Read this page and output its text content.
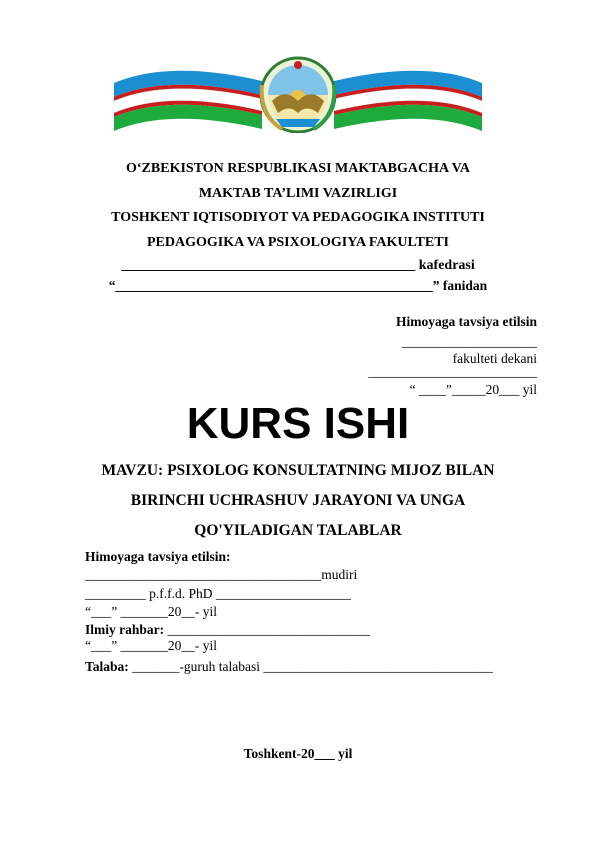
O‘ZBEKISTON RESPUBLIKASI MAKTABGACHA VA
MAKTAB TA’LIMI VAZIRLIGI
TOSHKENT IQTISODIYOT VA PEDAGOGIKA INSTITUTI
PEDAGOGIKA VA PSIXOLOGIYA FAKULTETI
__________________________________________ kafedrasi
“_______________________________________________” fanidan
Himoyaga tavsiya etilsin
____________________
fakulteti dekani
_________________________
“ ____”_____20___ yil
KURS ISHI
MAVZU: PSIXOLOG KONSULTATNING MIJOZ BILAN
BIRINCHI UCHRASHUV JARAYONI VA UNGA
QO'YILADIGAN TALABLAR
Himoyaga tavsiya etilsin:
___________________________________mudiri
_________ p.f.f.d. PhD ____________________
“___” _______20__- yil
Ilmiy rahbar: ______________________________
“___” _______20__- yil
Talaba: _______-guruh talabasi __________________________________
Toshkent-20___ yil
